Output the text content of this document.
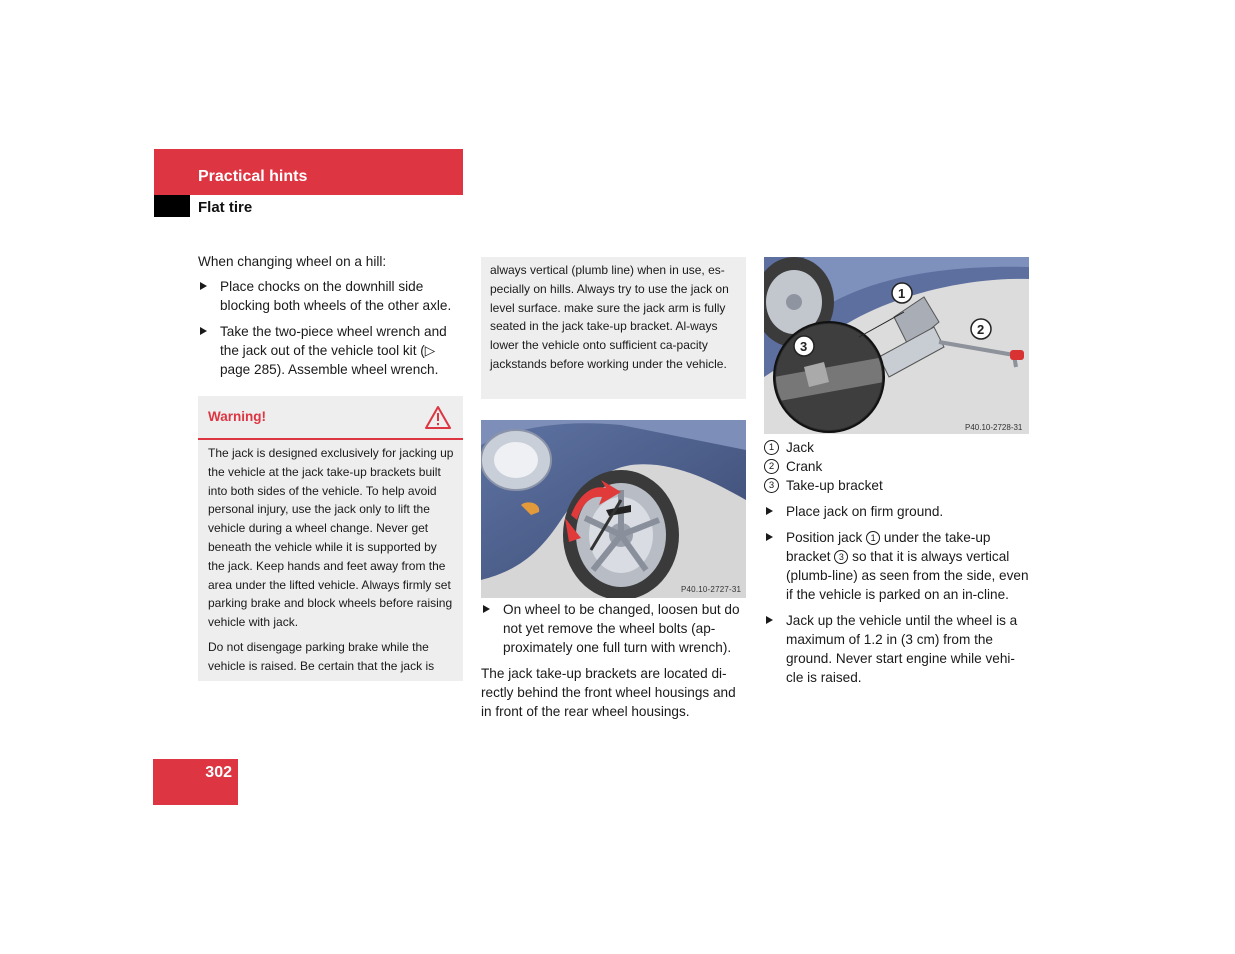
Practical hints
Flat tire

When changing wheel on a hill:

Place chocks on the downhill side blocking both wheels of the other axle.
Take the two-piece wheel wrench and the jack out of the vehicle tool kit (▷ page 285). Assemble wheel wrench.
Warning!

The jack is designed exclusively for jacking up the vehicle at the jack take-up brackets built into both sides of the vehicle. To help avoid personal injury, use the jack only to lift the vehicle during a wheel change. Never get beneath the vehicle while it is supported by the jack. Keep hands and feet away from the area under the lifted vehicle. Always firmly set parking brake and block wheels before raising vehicle with jack.

Do not disengage parking brake while the vehicle is raised. Be certain that the jack is

always vertical (plumb line) when in use, es-pecially on hills. Always try to use the jack on level surface. make sure the jack arm is fully seated in the jack take-up bracket. Al-ways lower the vehicle onto sufficient ca-pacity jackstands before working under the vehicle.

P40.10-2727-31
On wheel to be changed, loosen but do not yet remove the wheel bolts (ap-proximately one full turn with wrench).

The jack take-up brackets are located di-rectly behind the front wheel housings and in front of the rear wheel housings.

1
2
3
P40.10-2728-31
1 Jack
2 Crank
3 Take-up bracket
Place jack on firm ground.
Position jack 1 under the take-up bracket 3 so that it is always vertical (plumb-line) as seen from the side, even if the vehicle is parked on an in-cline.
Jack up the vehicle until the wheel is a maximum of 1.2 in (3 cm) from the ground. Never start engine while vehi-cle is raised.
302
